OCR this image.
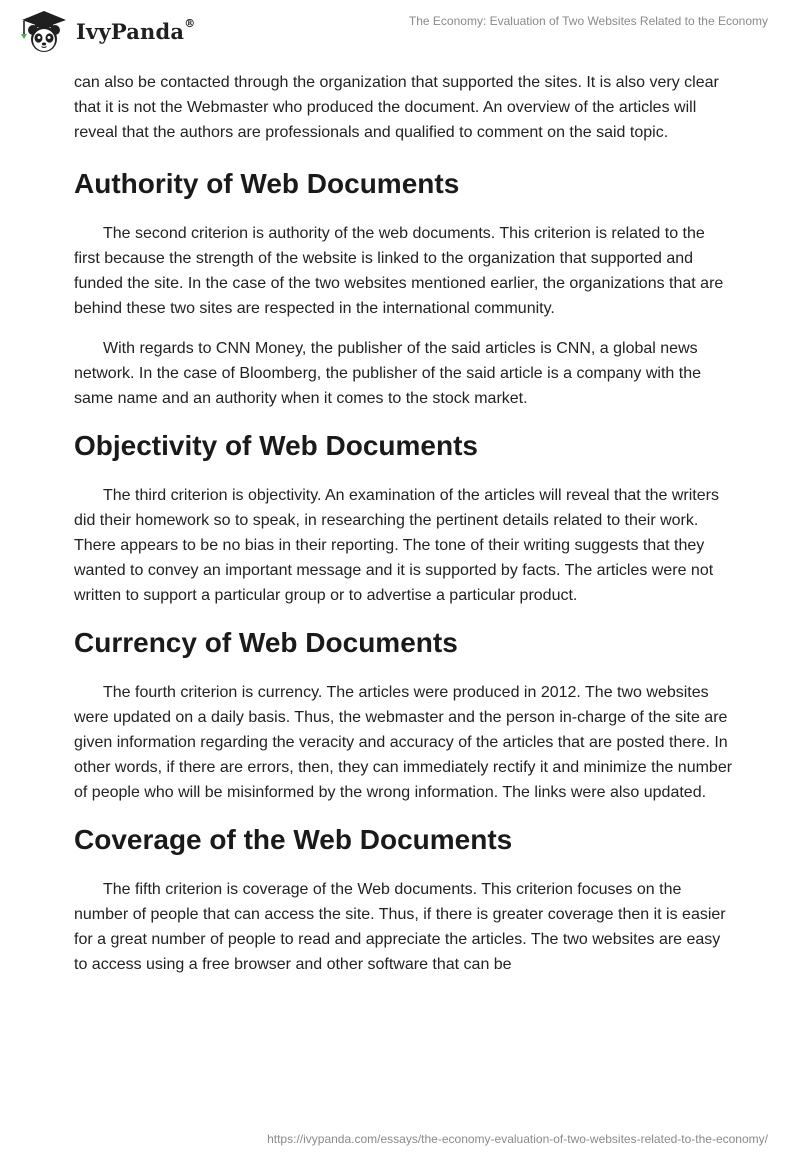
IvyPanda®	The Economy: Evaluation of Two Websites Related to the Economy

can also be contacted through the organization that supported the sites. It is also very clear that it is not the Webmaster who produced the document. An overview of the articles will reveal that the authors are professionals and qualified to comment on the said topic.

Authority of Web Documents

The second criterion is authority of the web documents. This criterion is related to the first because the strength of the website is linked to the organization that supported and funded the site. In the case of the two websites mentioned earlier, the organizations that are behind these two sites are respected in the international community.

With regards to CNN Money, the publisher of the said articles is CNN, a global news network. In the case of Bloomberg, the publisher of the said article is a company with the same name and an authority when it comes to the stock market.

Objectivity of Web Documents

The third criterion is objectivity. An examination of the articles will reveal that the writers did their homework so to speak, in researching the pertinent details related to their work. There appears to be no bias in their reporting. The tone of their writing suggests that they wanted to convey an important message and it is supported by facts. The articles were not written to support a particular group or to advertise a particular product.

Currency of Web Documents

The fourth criterion is currency. The articles were produced in 2012. The two websites were updated on a daily basis. Thus, the webmaster and the person in-charge of the site are given information regarding the veracity and accuracy of the articles that are posted there. In other words, if there are errors, then, they can immediately rectify it and minimize the number of people who will be misinformed by the wrong information. The links were also updated.

Coverage of the Web Documents

The fifth criterion is coverage of the Web documents. This criterion focuses on the number of people that can access the site. Thus, if there is greater coverage then it is easier for a great number of people to read and appreciate the articles. The two websites are easy to access using a free browser and other software that can be

https://ivypanda.com/essays/the-economy-evaluation-of-two-websites-related-to-the-economy/
